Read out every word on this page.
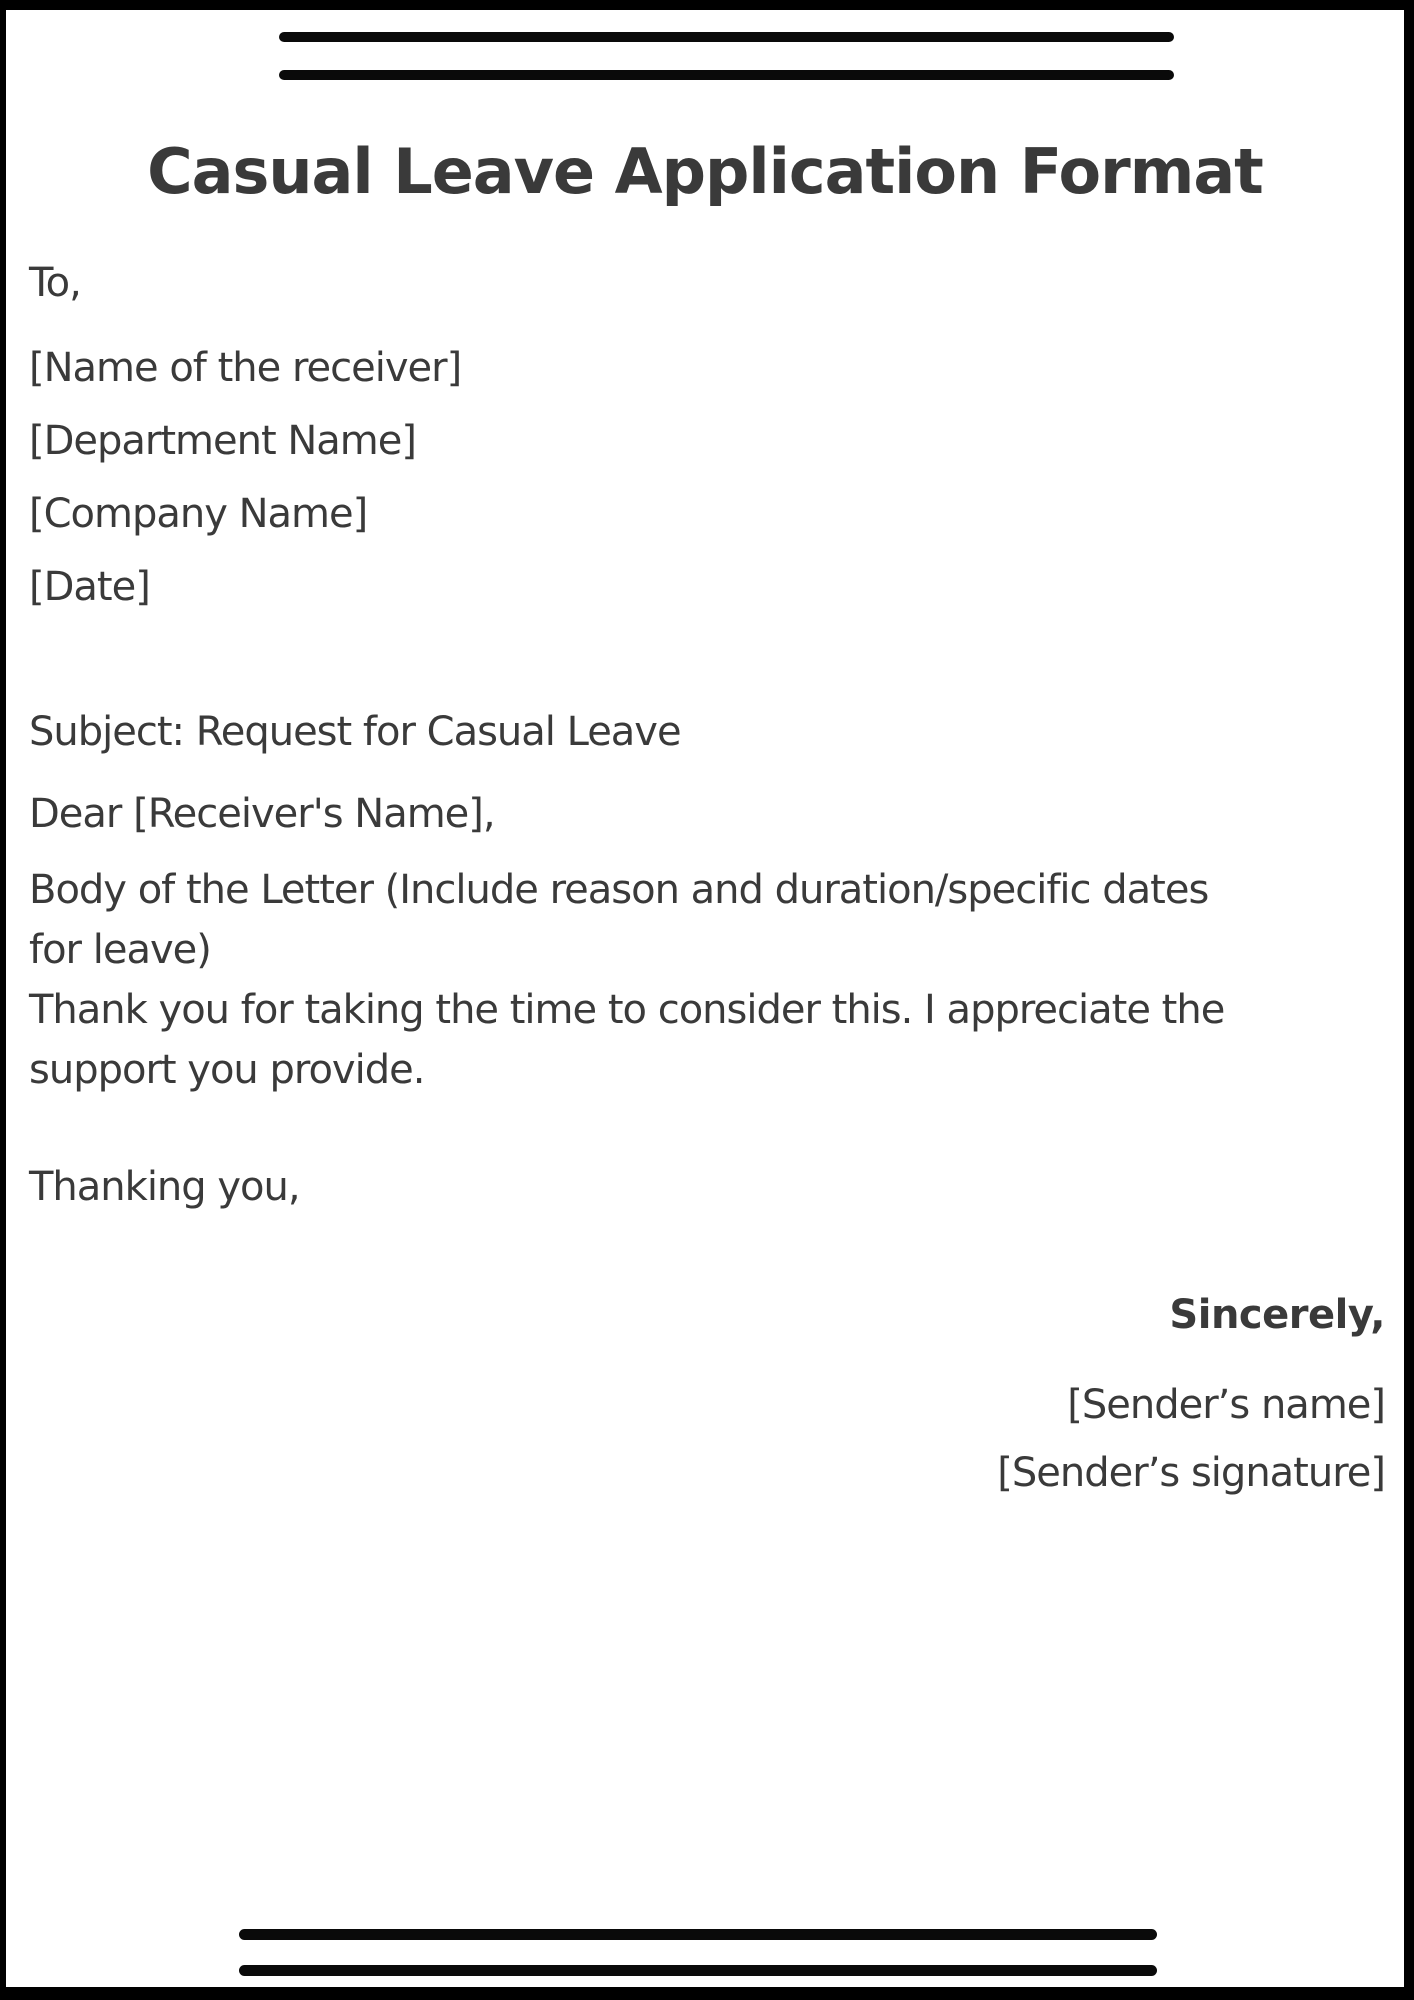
Casual Leave Application Format
To,
[Name of the receiver]
[Department Name]
[Company Name]
[Date]
Subject: Request for Casual Leave
Dear [Receiver's Name],
Body of the Letter (Include reason and duration/specific dates
for leave)
Thank you for taking the time to consider this. I appreciate the
support you provide.
Thanking you,
Sincerely,
[Sender’s name]
[Sender’s signature]
